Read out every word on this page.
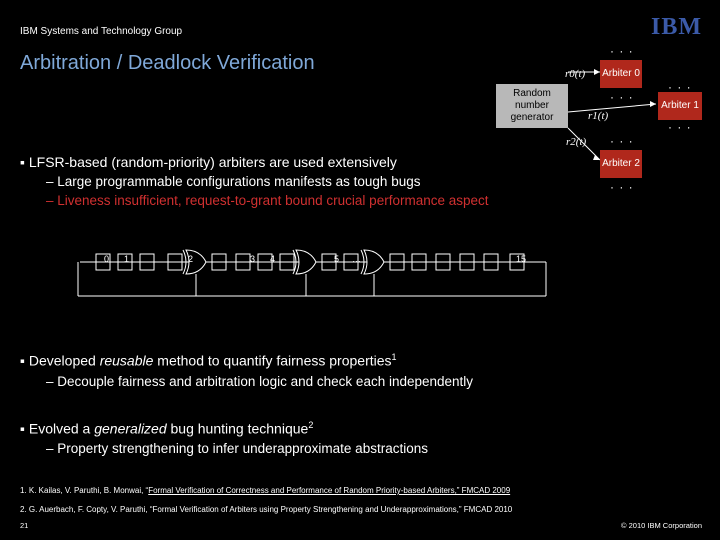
IBM Systems and Technology Group	IBM
Arbitration / Deadlock Verification
Random number generator
r0(t)
r1(t)
r2(t)
Arbiter 0
Arbiter 1
Arbiter 2
· · ·
· · ·
· · ·
· · ·
· · ·
· · ·
▪ LFSR-based (random-priority) arbiters are used extensively
– Large programmable configurations manifests as tough bugs
– Liveness insufficient, request-to-grant bound crucial performance aspect
0 1	2	3 4	5 …	15
▪ Developed reusable method to quantify fairness properties$^1$
– Decouple fairness and arbitration logic and check each independently
▪ Evolved a generalized bug hunting technique$^2$
– Property strengthening to infer underapproximate abstractions
1. K. Kailas, V. Paruthi, B. Monwai, “Formal Verification of Correctness and Performance of Random Priority-based Arbiters,” FMCAD 2009
2. G. Auerbach, F. Copty, V. Paruthi, “Formal Verification of Arbiters using Property Strengthening and Underapproximations,” FMCAD 2010
21	© 2010 IBM Corporation
